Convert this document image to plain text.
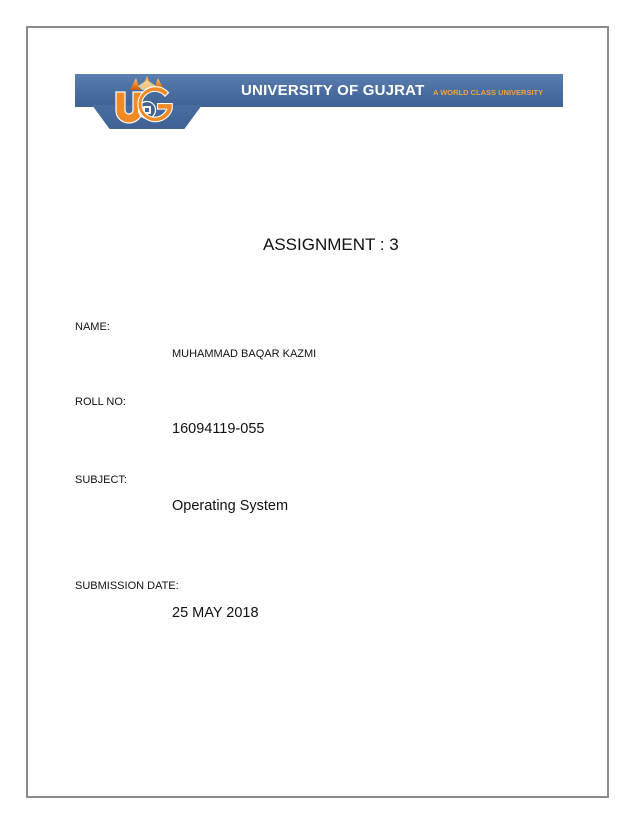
UNIVERSITY OF GUJRAT A WORLD CLASS UNIVERSITY
ASSIGNMENT : 3
NAME:
MUHAMMAD BAQAR KAZMI
ROLL NO:
16094119-055
SUBJECT:
Operating System
SUBMISSION DATE:
25 MAY 2018
